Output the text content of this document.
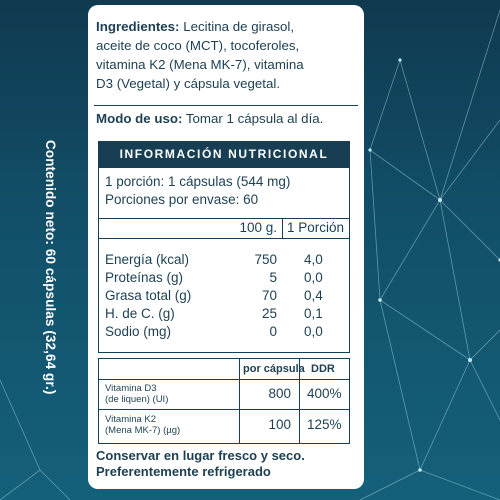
Contenido neto: 60 cápsulas (32,64 gr.)
Ingredientes: Lecitina de girasol,
aceite de coco (MCT), tocoferoles,
vitamina K2 (Mena MK-7), vitamina
D3 (Vegetal) y cápsula vegetal.
Modo de uso: Tomar 1 cápsula al día.
INFORMACIÓN NUTRICIONAL
1 porción: 1 cápsulas (544 mg)
Porciones por envase: 60
100 g. 1 Porción
Energía (kcal)	750 4,0
Proteínas (g)	5 0,0
Grasa total (g)	70 0,4
H. de C. (g)	25 0,1
Sodio (mg)	0 0,0
por cápsula DDR
Vitamina D3
(de liquen) (UI)	800 400%
Vitamina K2
(Mena MK-7) (µg)	100 125%
Conservar en lugar fresco y seco.
Preferentemente refrigerado
